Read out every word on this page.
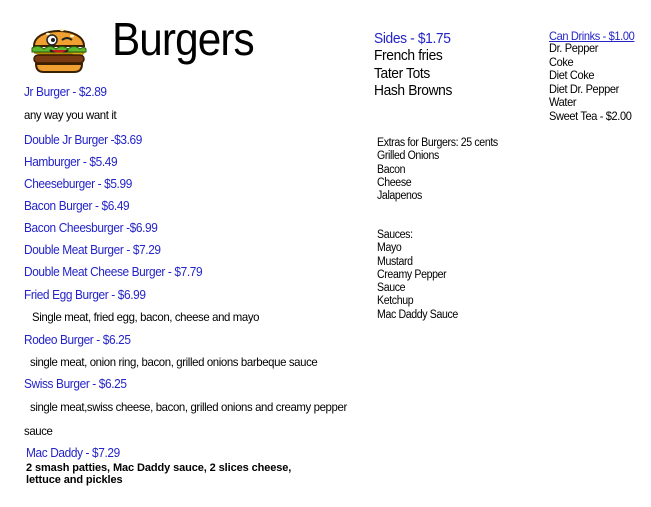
Burgers
Jr Burger - $2.89
any way you want it
Double Jr Burger -$3.69
Hamburger - $5.49
Cheeseburger - $5.99
Bacon Burger - $6.49
Bacon Cheesburger -$6.99
Double Meat Burger - $7.29
Double Meat Cheese Burger - $7.79
Fried Egg Burger - $6.99
Single meat, fried egg, bacon, cheese and mayo
Rodeo Burger - $6.25
single meat, onion ring, bacon, grilled onions barbeque sauce
Swiss Burger - $6.25
single meat,swiss cheese, bacon, grilled onions and creamy pepper
sauce
Mac Daddy - $7.29
2 smash patties, Mac Daddy sauce, 2 slices cheese,
lettuce and pickles
Sides - $1.75
French fries
Tater Tots
Hash Browns
Can Drinks - $1.00
Dr. Pepper
Coke
Diet Coke
Diet Dr. Pepper
Water
Sweet Tea - $2.00
Extras for Burgers: 25 cents
Grilled Onions
Bacon
Cheese
Jalapenos
Sauces:
Mayo
Mustard
Creamy Pepper
Sauce
Ketchup
Mac Daddy Sauce
